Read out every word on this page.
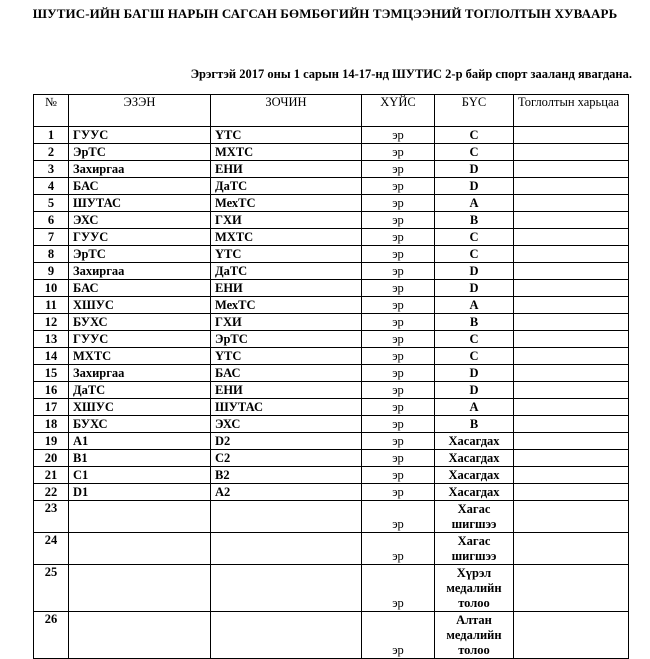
ШУТИС-ИЙН БАГШ НАРЫН САГСАН БӨМБӨГИЙН ТЭМЦЭЭНИЙ ТОГЛОЛТЫН ХУВААРЬ
Эрэгтэй 2017 оны 1 сарын 14-17-нд ШУТИС 2-р байр спорт зааланд явагдана.
№	ЭЗЭН	ЗОЧИН	ХҮЙС	БҮС	Тоглолтын харьцаа
1	ГУУС	ҮТС	эр	C	
2	ЭрТС	МХТС	эр	C	
3	Захиргаа	ЕНИ	эр	D	
4	БАС	ДаТС	эр	D	
5	ШУТАС	МехТС	эр	A	
6	ЭХС	ГХИ	эр	B	
7	ГУУС	МХТС	эр	C	
8	ЭрТС	ҮТС	эр	C	
9	Захиргаа	ДаТС	эр	D	
10	БАС	ЕНИ	эр	D	
11	ХШУС	МехТС	эр	A	
12	БУХС	ГХИ	эр	B	
13	ГУУС	ЭрТС	эр	C	
14	МХТС	ҮТС	эр	C	
15	Захиргаа	БАС	эр	D	
16	ДаТС	ЕНИ	эр	D	
17	ХШУС	ШУТАС	эр	A	
18	БУХС	ЭХС	эр	B	
19	A1	D2	эр	Хасагдах	
20	B1	C2	эр	Хасагдах	
21	C1	B2	эр	Хасагдах	
22	D1	A2	эр	Хасагдах	
23			эр	Хагас шигшээ	
24			эр	Хагас шигшээ	
25			эр	Хүрэл медалийн толоо	
26			эр	Алтан медалийн толоо	
